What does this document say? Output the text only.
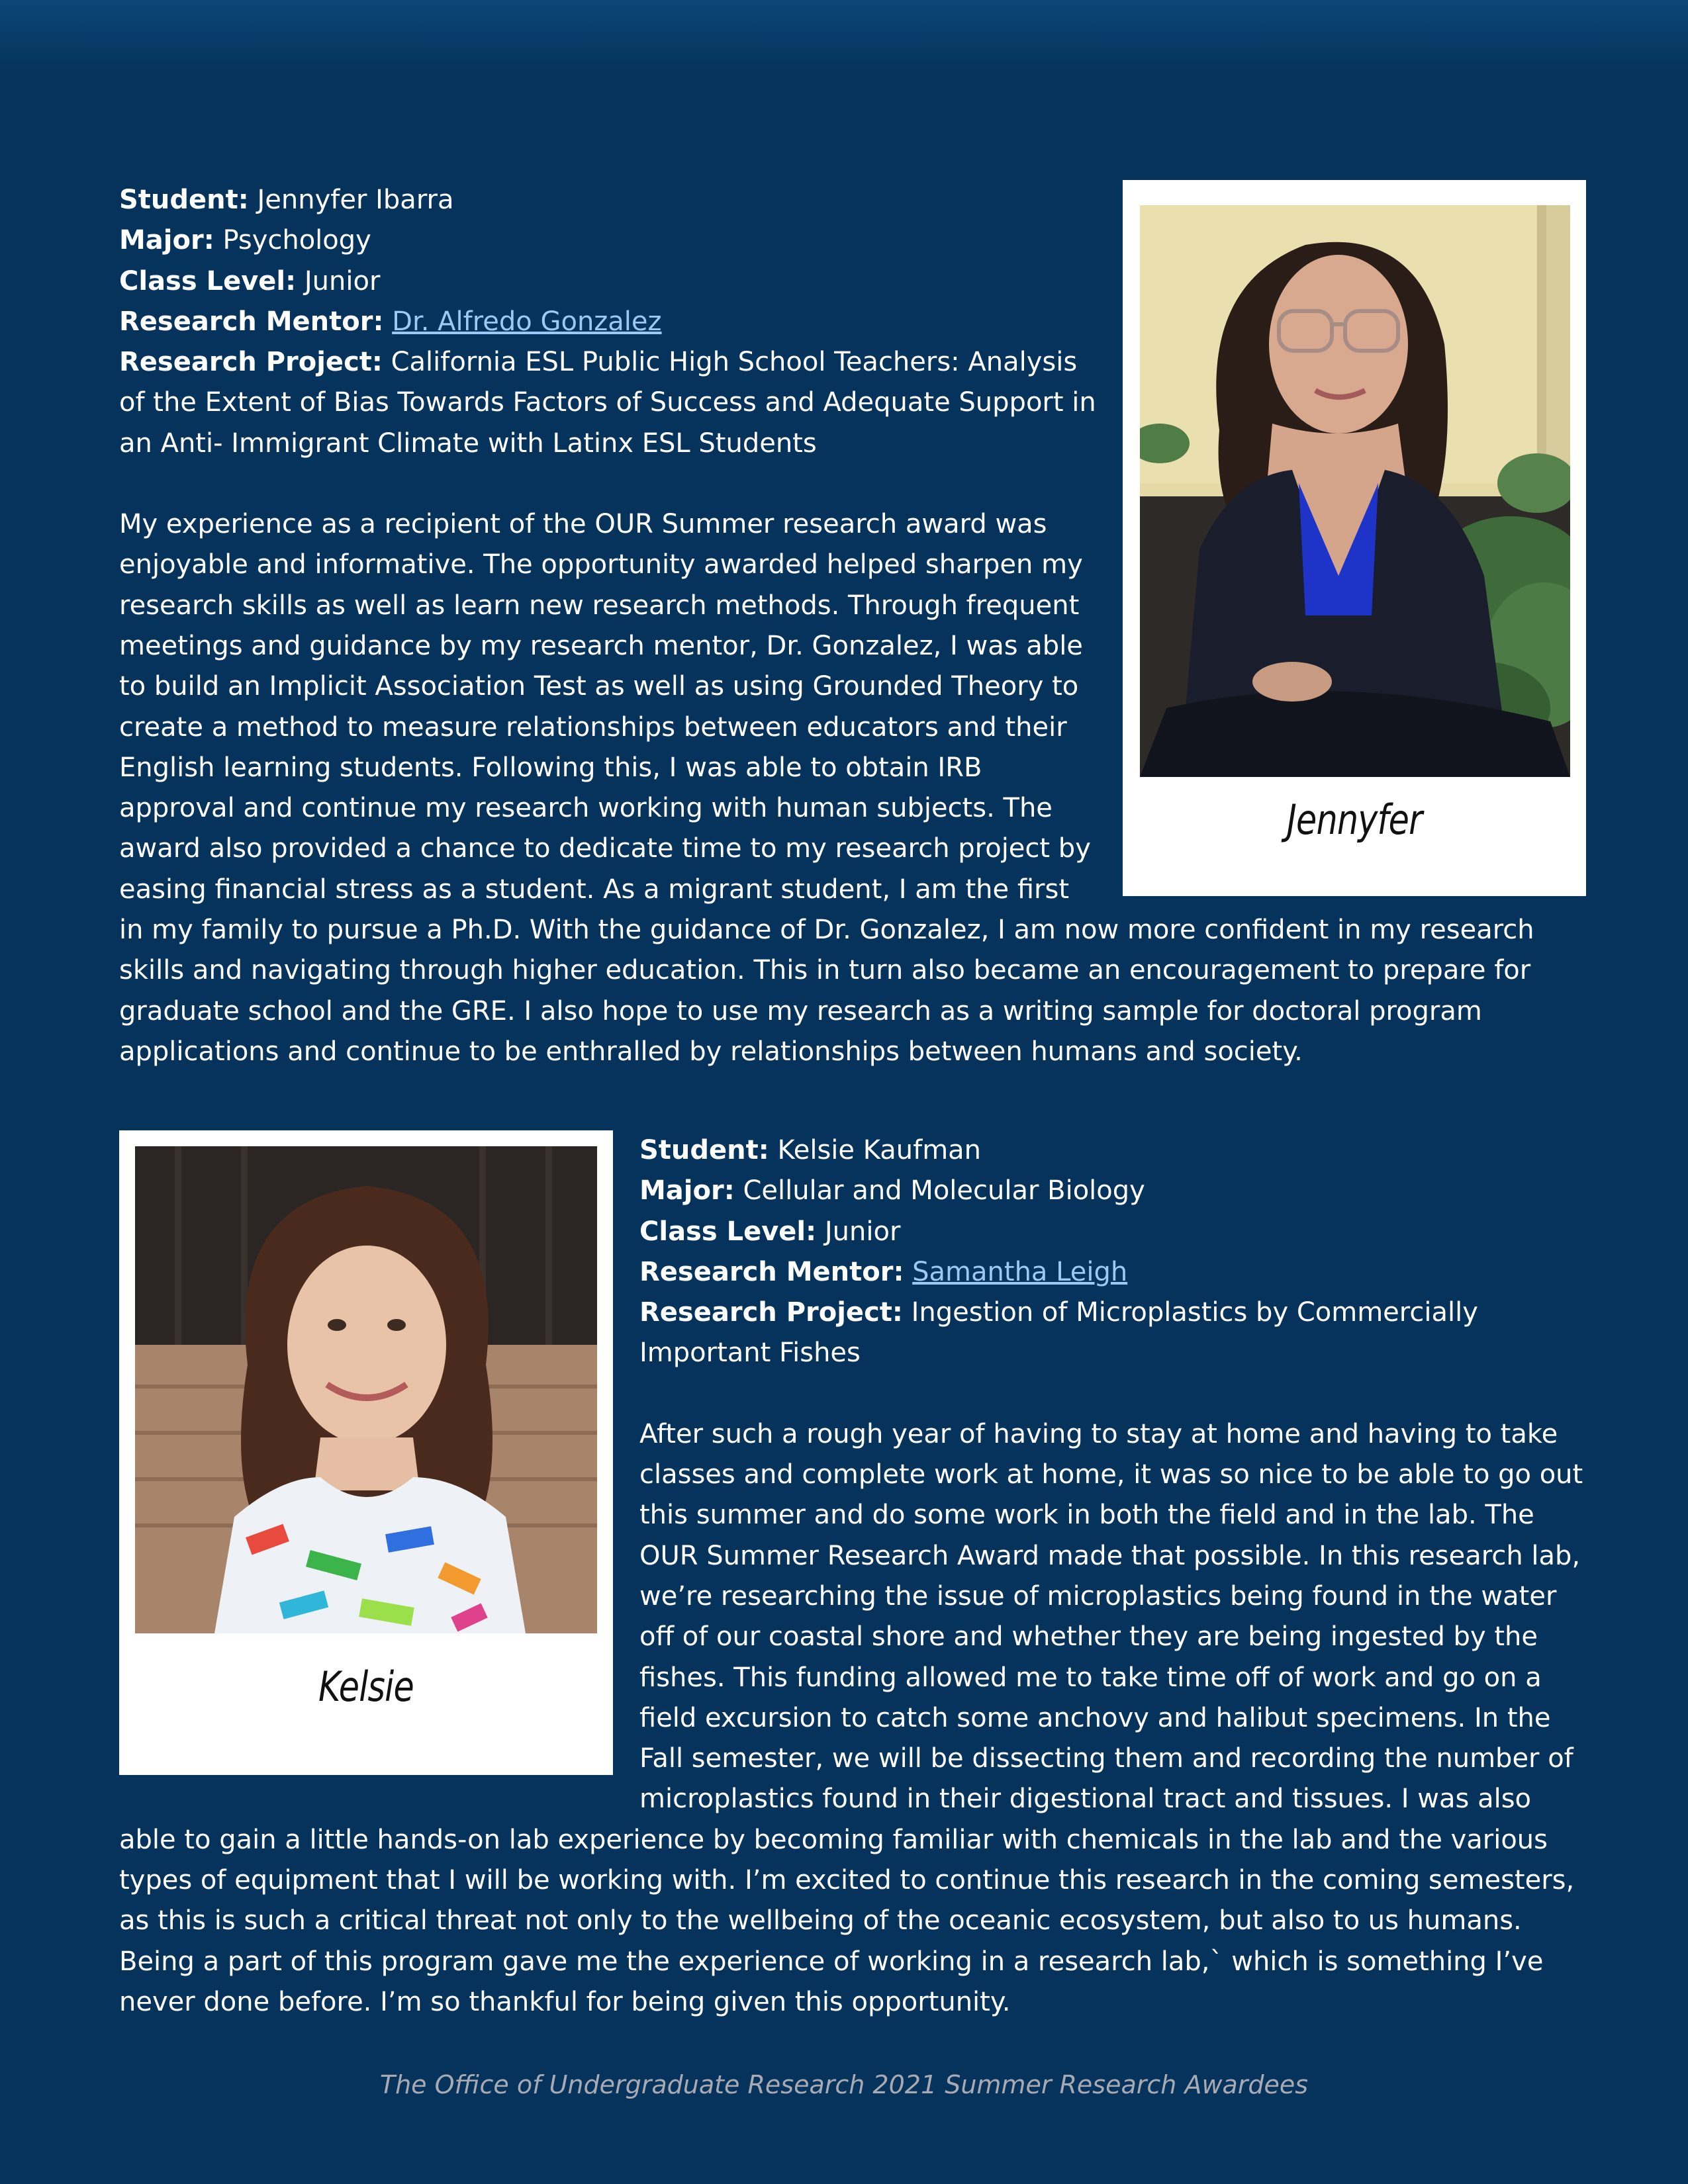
Jennyfer
Student: Jennyfer Ibarra
Major: Psychology
Class Level: Junior
Research Mentor: Dr. Alfredo Gonzalez
Research Project: California ESL Public High School Teachers: Analysis of the Extent of Bias Towards Factors of Success and Adequate Support in an Anti- Immigrant Climate with Latinx ESL Students
My experience as a recipient of the OUR Summer research award was enjoyable and informative. The opportunity awarded helped sharpen my research skills as well as learn new research methods. Through frequent meetings and guidance by my research mentor, Dr. Gonzalez, I was able to build an Implicit Association Test as well as using Grounded Theory to create a method to measure relationships between educators and their English learning students. Following this, I was able to obtain IRB approval and continue my research working with human subjects. The award also provided a chance to dedicate time to my research project by easing financial stress as a student. As a migrant student, I am the first in my family to pursue a Ph.D. With the guidance of Dr. Gonzalez, I am now more confident in my research skills and navigating through higher education. This in turn also became an encouragement to prepare for graduate school and the GRE. I also hope to use my research as a writing sample for doctoral program applications and continue to be enthralled by relationships between humans and society.
Kelsie
Student: Kelsie Kaufman
Major: Cellular and Molecular Biology
Class Level: Junior
Research Mentor: Samantha Leigh
Research Project: Ingestion of Microplastics by Commercially Important Fishes
After such a rough year of having to stay at home and having to take classes and complete work at home, it was so nice to be able to go out this summer and do some work in both the field and in the lab. The OUR Summer Research Award made that possible. In this research lab, we’re researching the issue of microplastics being found in the water off of our coastal shore and whether they are being ingested by the fishes. This funding allowed me to take time off of work and go on a field excursion to catch some anchovy and halibut specimens. In the Fall semester, we will be dissecting them and recording the number of microplastics found in their digestional tract and tissues. I was also able to gain a little hands-on lab experience by becoming familiar with chemicals in the lab and the various types of equipment that I will be working with. I’m excited to continue this research in the coming semesters, as this is such a critical threat not only to the wellbeing of the oceanic ecosystem, but also to us humans. Being a part of this program gave me the experience of working in a research lab,` which is something I’ve never done before. I’m so thankful for being given this opportunity.
The Office of Undergraduate Research 2021 Summer Research Awardees
